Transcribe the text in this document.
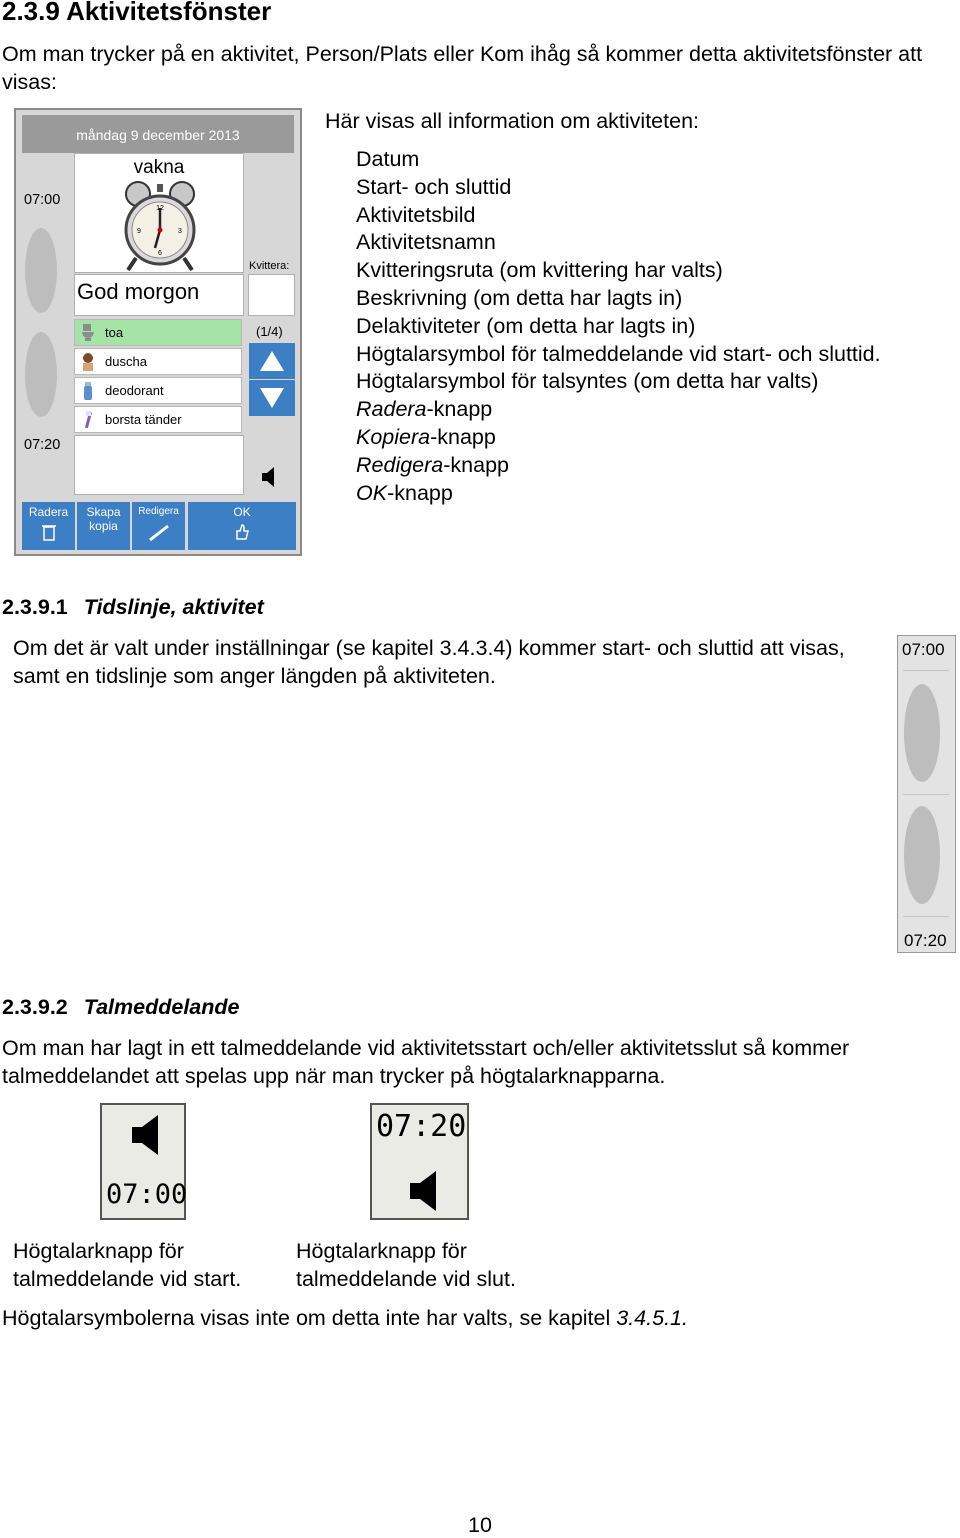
2.3.9 Aktivitetsfönster
Om man trycker på en aktivitet, Person/Plats eller Kom ihåg så kommer detta aktivitetsfönster att visas:
måndag 9 december 2013
07:00
07:20
vakna
12
3
6
9
God morgon
Kvittera:
toa
duscha
deodorant
borsta tänder
(1/4)
Radera	Skapa
kopia
Redigera	OK
Här visas all information om aktiviteten:
Datum
Start- och sluttid
Aktivitetsbild
Aktivitetsnamn
Kvitteringsruta (om kvittering har valts)
Beskrivning (om detta har lagts in)
Delaktiviteter (om detta har lagts in)
Högtalarsymbol för talmeddelande vid start- och sluttid.
Högtalarsymbol för talsyntes (om detta har valts)
Radera-knapp
Kopiera-knapp
Redigera-knapp
OK-knapp
2.3.9.1 Tidslinje, aktivitet
Om det är valt under inställningar (se kapitel 3.4.3.4) kommer start- och sluttid att visas, samt en tidslinje som anger längden på aktiviteten.
07:00
07:20
2.3.9.2 Talmeddelande
Om man har lagt in ett talmeddelande vid aktivitetsstart och/eller aktivitetsslut så kommer talmeddelandet att spelas upp när man trycker på högtalarknapparna.
07:00
07:20
Högtalarknapp för
talmeddelande vid start.
Högtalarknapp för
talmeddelande vid slut.
Högtalarsymbolerna visas inte om detta inte har valts, se kapitel 3.4.5.1.
10
